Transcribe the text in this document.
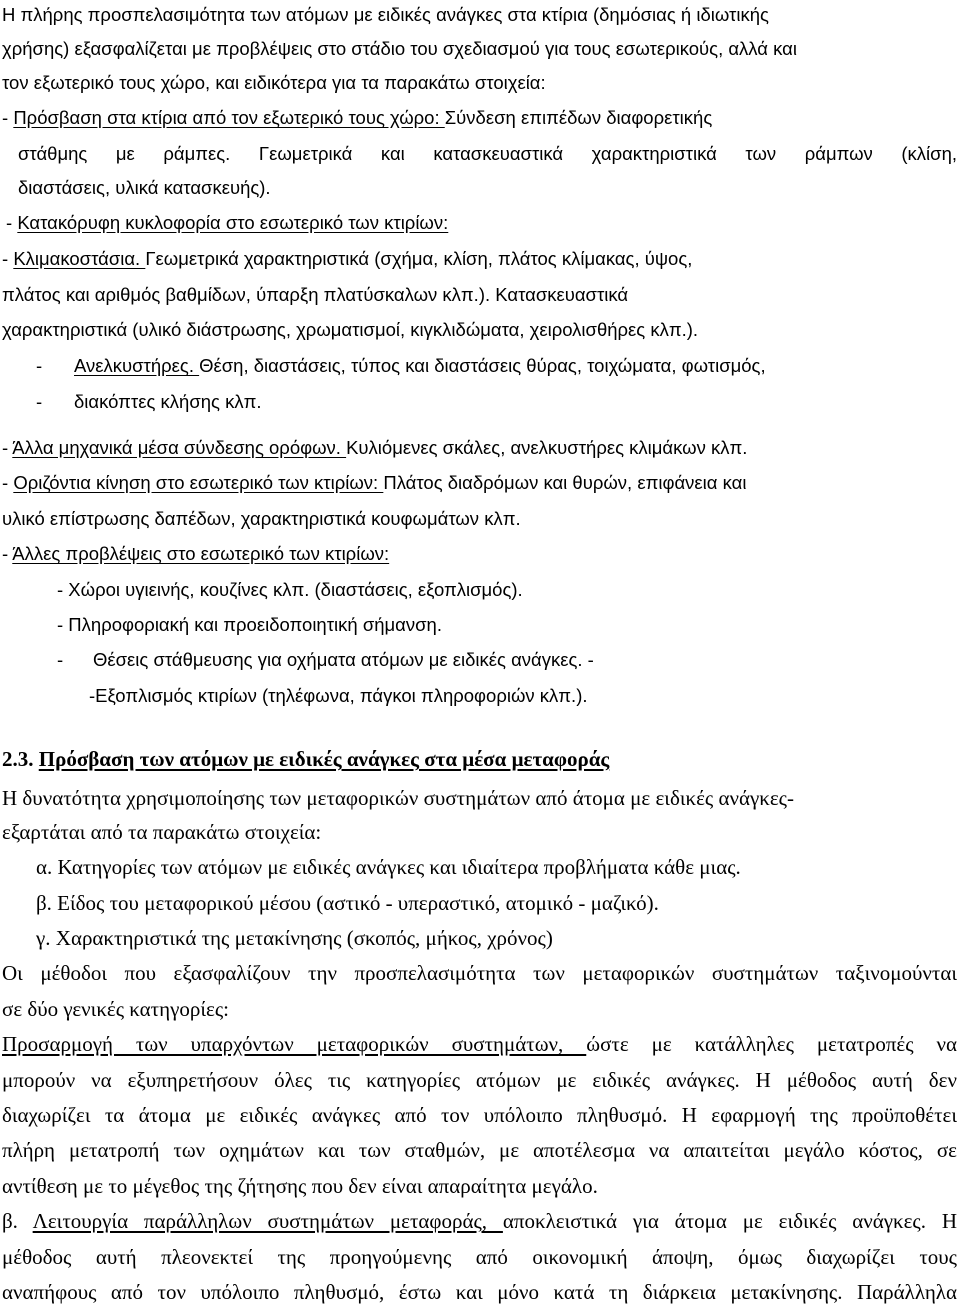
Η πλήρης προσπελασιμότητα των ατόμων με ειδικές ανάγκες στα κτίρια (δημόσιας ή ιδιωτικής
χρήσης) εξασφαλίζεται με προβλέψεις στο στάδιο του σχεδιασμού για τους εσωτερικούς, αλλά και
τον εξωτερικό τους χώρο, και ειδικότερα για τα παρακάτω στοιχεία:
- Πρόσβαση στα κτίρια από τον εξωτερικό τους χώρο: Σύνδεση επιπέδων διαφορετικής
στάθμης με ράμπες. Γεωμετρικά και κατασκευαστικά χαρακτηριστικά των ράμπων (κλίση,
διαστάσεις, υλικά κατασκευής).
- Κατακόρυφη κυκλοφορία στο εσωτερικό των κτιρίων:
- Κλιμακοστάσια. Γεωμετρικά χαρακτηριστικά (σχήμα, κλίση, πλάτος κλίμακας, ύψος,
πλάτος και αριθμός βαθμίδων, ύπαρξη πλατύσκαλων κλπ.). Κατασκευαστικά
χαρακτηριστικά (υλικό διάστρωσης, χρωματισμοί, κιγκλιδώματα, χειρολισθήρες κλπ.).
- Ανελκυστήρες. Θέση, διαστάσεις, τύπος και διαστάσεις θύρας, τοιχώματα, φωτισμός,
- διακόπτες κλήσης κλπ.
- Άλλα μηχανικά μέσα σύνδεσης ορόφων. Κυλιόμενες σκάλες, ανελκυστήρες κλιμάκων κλπ.
- Οριζόντια κίνηση στο εσωτερικό των κτιρίων: Πλάτος διαδρόμων και θυρών, επιφάνεια και
υλικό επίστρωσης δαπέδων, χαρακτηριστικά κουφωμάτων κλπ.
- Άλλες προβλέψεις στο εσωτερικό των κτιρίων:
- Χώροι υγιεινής, κουζίνες κλπ. (διαστάσεις, εξοπλισμός).
- Πληροφοριακή και προειδοποιητική σήμανση.
- Θέσεις στάθμευσης για οχήματα ατόμων με ειδικές ανάγκες. -
-Εξοπλισμός κτιρίων (τηλέφωνα, πάγκοι πληροφοριών κλπ.).
2.3. Πρόσβαση των ατόμων με ειδικές ανάγκες στα μέσα μεταφοράς
Η δυνατότητα χρησιμοποίησης των μεταφορικών συστημάτων από άτομα με ειδικές ανάγκες-
εξαρτάται από τα παρακάτω στοιχεία:
α. Κατηγορίες των ατόμων με ειδικές ανάγκες και ιδιαίτερα προβλήματα κάθε μιας.
β. Είδος του μεταφορικού μέσου (αστικό - υπεραστικό, ατομικό - μαζικό).
γ. Χαρακτηριστικά της μετακίνησης (σκοπός, μήκος, χρόνος)
Οι μέθοδοι που εξασφαλίζουν την προσπελασιμότητα των μεταφορικών συστημάτων ταξινομούνται
σε δύο γενικές κατηγορίες:
Προσαρμογή των υπαρχόντων μεταφορικών συστημάτων, ώστε με κατάλληλες μετατροπές να
μπορούν να εξυπηρετήσουν όλες τις κατηγορίες ατόμων με ειδικές ανάγκες. Η μέθοδος αυτή δεν
διαχωρίζει τα άτομα με ειδικές ανάγκες από τον υπόλοιπο πληθυσμό. Η εφαρμογή της προϋποθέτει
πλήρη μετατροπή των οχημάτων και των σταθμών, με αποτέλεσμα να απαιτείται μεγάλο κόστος, σε
αντίθεση με το μέγεθος της ζήτησης που δεν είναι απαραίτητα μεγάλο.
β. Λειτουργία παράλληλων συστημάτων μεταφοράς, αποκλειστικά για άτομα με ειδικές ανάγκες. Η
μέθοδος αυτή πλεονεκτεί της προηγούμενης από οικονομική άποψη, όμως διαχωρίζει τους
αναπήφους από τον υπόλοιπο πληθυσμό, έστω και μόνο κατά τη διάρκεια μετακίνησης. Παράλληλα
